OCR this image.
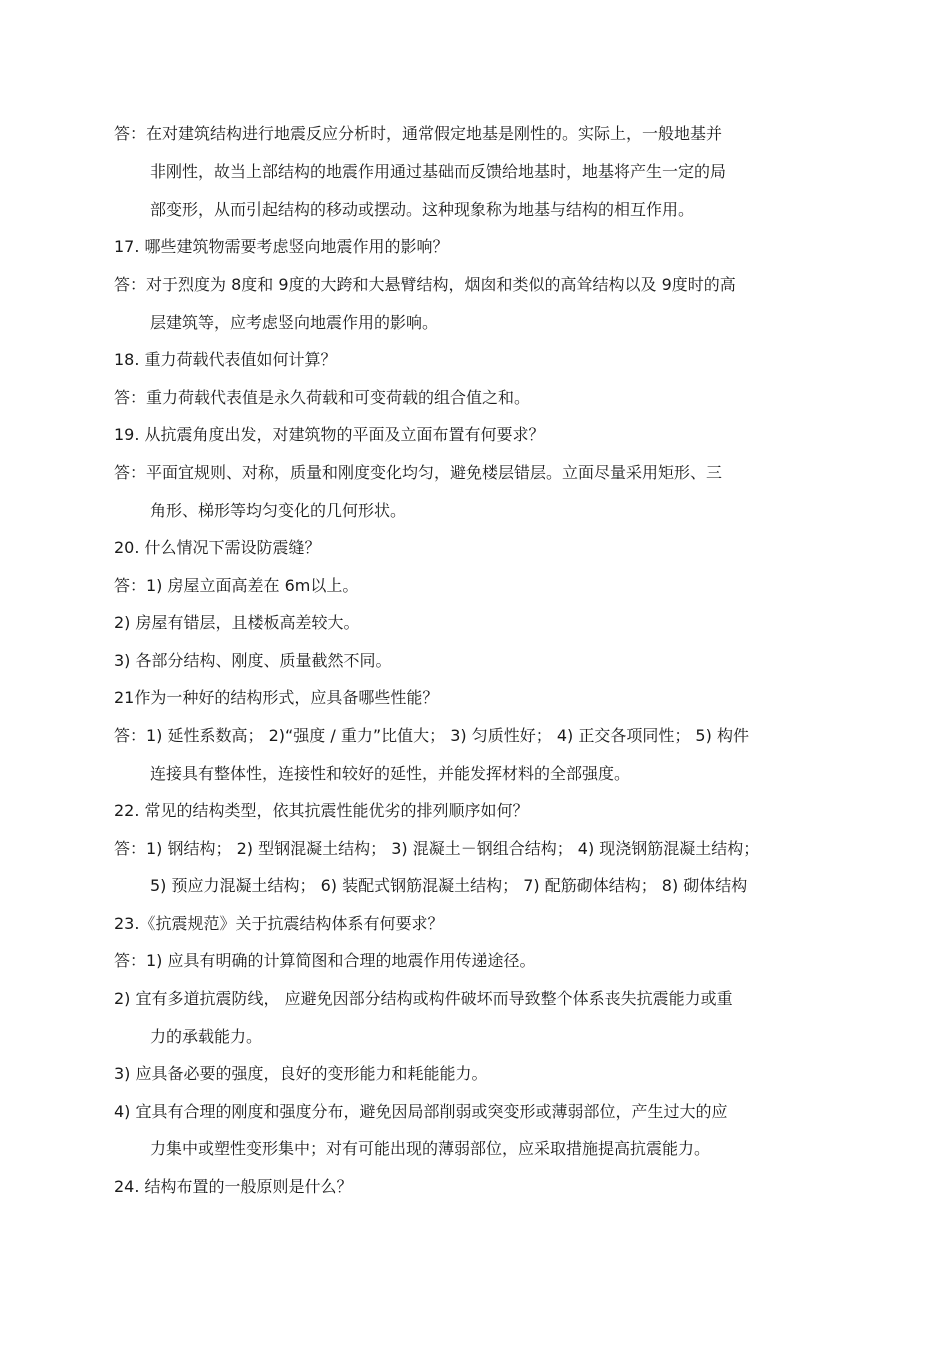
答：在对建筑结构进行地震反应分析时，通常假定地基是刚性的。实际上，一般地基并
非刚性，故当上部结构的地震作用通过基础而反馈给地基时，地基将产生一定的局
部变形，从而引起结构的移动或摆动。这种现象称为地基与结构的相互作用。
17. 哪些建筑物需要考虑竖向地震作用的影响？
答：对于烈度为 8度和 9度的大跨和大悬臂结构，烟囱和类似的高耸结构以及 9度时的高
层建筑等，应考虑竖向地震作用的影响。
18. 重力荷载代表值如何计算？
答：重力荷载代表值是永久荷载和可变荷载的组合值之和。
19. 从抗震角度出发，对建筑物的平面及立面布置有何要求？
答：平面宜规则、对称，质量和刚度变化均匀，避免楼层错层。立面尽量采用矩形、三
角形、梯形等均匀变化的几何形状。
20. 什么情况下需设防震缝？
答：1) 房屋立面高差在 6m以上。
2) 房屋有错层，且楼板高差较大。
3) 各部分结构、刚度、质量截然不同。
21作为一种好的结构形式，应具备哪些性能？
答：1) 延性系数高； 2)“强度 / 重力”比值大； 3) 匀质性好； 4) 正交各项同性； 5) 构件
连接具有整体性，连接性和较好的延性，并能发挥材料的全部强度。
22. 常见的结构类型，依其抗震性能优劣的排列顺序如何？
答：1) 钢结构； 2) 型钢混凝土结构； 3) 混凝土－钢组合结构； 4) 现浇钢筋混凝土结构；
5) 预应力混凝土结构； 6) 装配式钢筋混凝土结构； 7) 配筋砌体结构； 8) 砌体结构
23.《抗震规范》关于抗震结构体系有何要求？
答：1) 应具有明确的计算简图和合理的地震作用传递途径。
2) 宜有多道抗震防线， 应避免因部分结构或构件破坏而导致整个体系丧失抗震能力或重
力的承载能力。
3) 应具备必要的强度，良好的变形能力和耗能能力。
4) 宜具有合理的刚度和强度分布，避免因局部削弱或突变形或薄弱部位，产生过大的应
力集中或塑性变形集中；对有可能出现的薄弱部位，应采取措施提高抗震能力。
24. 结构布置的一般原则是什么？
